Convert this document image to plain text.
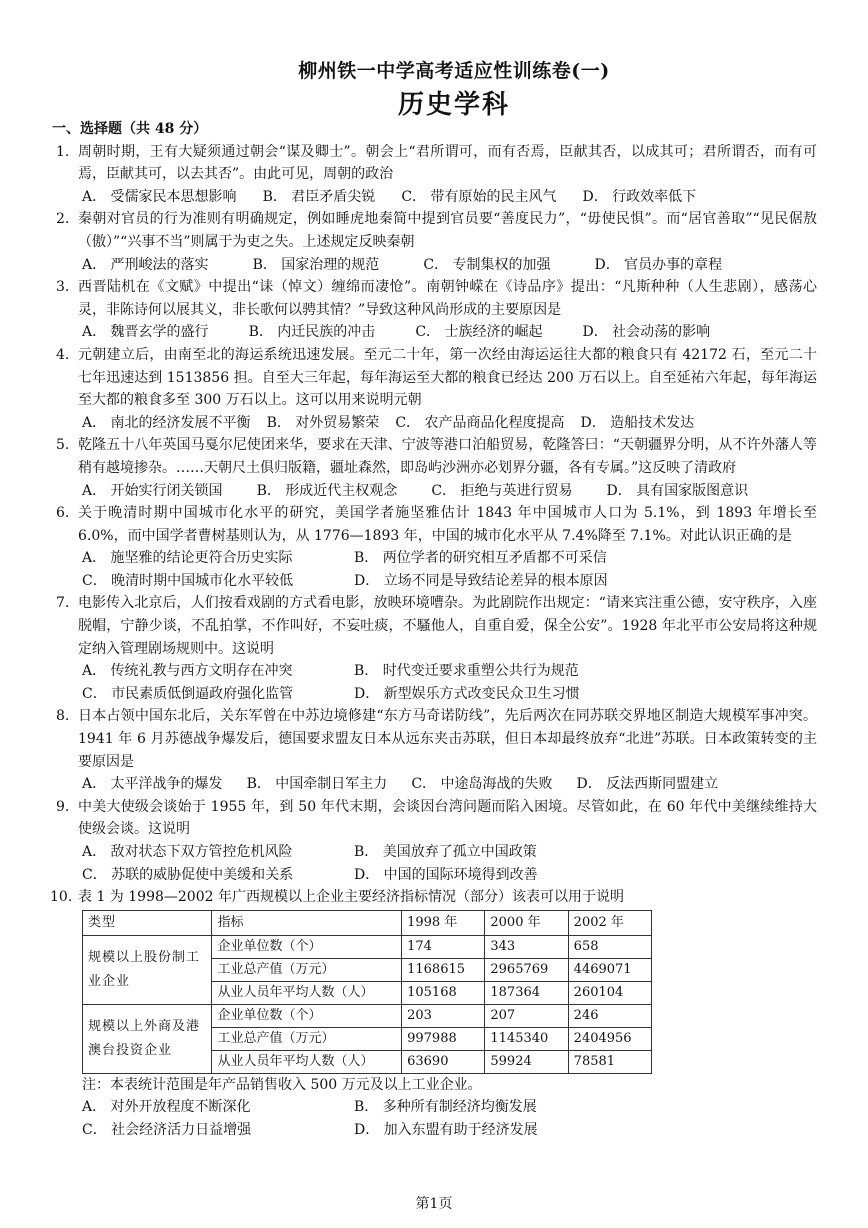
柳州铁一中学高考适应性训练卷(一)
历史学科
一、选择题（共 48 分）
1. 周朝时期，王有大疑须通过朝会“谋及卿士”。朝会上“君所谓可，而有否焉，臣献其否，以成其可；君所谓否，而有可焉，臣献其可，以去其否”。由此可见，周朝的政治
A． 受儒家民本思想影响 B． 君臣矛盾尖锐 C． 带有原始的民主风气 D． 行政效率低下
2. 秦朝对官员的行为准则有明确规定，例如睡虎地秦简中提到官员要“善度民力”，“毋使民惧”。而“居官善取”“见民倨敖（傲）”“兴事不当”则属于为吏之失。上述规定反映秦朝
A． 严刑峻法的落实	B． 国家治理的规范	C． 专制集权的加强	D． 官员办事的章程
3. 西晋陆机在《文赋》中提出“诔（悼文）缠绵而凄怆”。南朝钟嵘在《诗品序》提出：“凡斯种种（人生悲剧），感荡心灵，非陈诗何以展其义，非长歌何以骋其情？”导致这种风尚形成的主要原因是
A． 魏晋玄学的盛行	B． 内迁民族的冲击	C． 士族经济的崛起	D． 社会动荡的影响
4. 元朝建立后，由南至北的海运系统迅速发展。至元二十年，第一次经由海运运往大都的粮食只有 42172 石，至元二十七年迅速达到 1513856 担。自至大三年起，每年海运至大都的粮食已经达 200 万石以上。自至延祐六年起，每年海运至大都的粮食多至 300 万石以上。这可以用来说明元朝
A． 南北的经济发展不平衡 B． 对外贸易繁荣 C． 农产品商品化程度提高 D． 造船技术发达
5. 乾隆五十八年英国马戛尔尼使团来华，要求在天津、宁波等港口泊船贸易，乾隆答曰：“天朝疆界分明，从不许外藩人等稍有越境掺杂。……天朝尺土俱归版籍，疆址森然，即岛屿沙洲亦必划界分疆，各有专属。”这反映了清政府
A． 开始实行闭关锁国 B． 形成近代主权观念 C． 拒绝与英进行贸易 D． 具有国家版图意识
6. 关于晚清时期中国城市化水平的研究，美国学者施坚雅估计 1843 年中国城市人口为 5.1%，到 1893 年增长至 6.0%，而中国学者曹树基则认为，从 1776—1893 年，中国的城市化水平从 7.4%降至 7.1%。对此认识正确的是
A． 施坚雅的结论更符合历史实际	B． 两位学者的研究相互矛盾都不可采信
C． 晚清时期中国城市化水平较低	D． 立场不同是导致结论差异的根本原因
7. 电影传入北京后，人们按看戏剧的方式看电影，放映环境嘈杂。为此剧院作出规定：“请来宾注重公德，安守秩序，入座脱帽，宁静少谈，不乱拍掌，不作叫好，不妄吐痰，不騷他人，自重自爱，保全公安”。1928 年北平市公安局将这种规定纳入管理剧场规则中。这说明
A． 传统礼教与西方文明存在冲突	B． 时代变迁要求重塑公共行为规范
C． 市民素质低倒逼政府强化监管	D． 新型娱乐方式改变民众卫生习惯
8. 日本占领中国东北后，关东军曾在中苏边境修建“东方马奇诺防线”，先后两次在同苏联交界地区制造大规模军事冲突。1941 年 6 月苏德战争爆发后，德国要求盟友日本从远东夹击苏联，但日本却最终放弃“北进”苏联。日本政策转变的主要原因是
A． 太平洋战争的爆发 B． 中国牵制日军主力 C． 中途岛海战的失败 D． 反法西斯同盟建立
9. 中美大使级会谈始于 1955 年，到 50 年代末期，会谈因台湾问题而陷入困境。尽管如此，在 60 年代中美继续维持大使级会谈。这说明
A． 敌对状态下双方管控危机风险	B． 美国放弃了孤立中国政策
C． 苏联的威胁促使中美缓和关系	D． 中国的国际环境得到改善
10. 表 1 为 1998—2002 年广西规模以上企业主要经济指标情况（部分）该表可以用于说明
类型	指标	1998 年	2000 年	2002 年
规模以上股份制工业企业	企业单位数（个）	174	343	658
	工业总产值（万元）	1168615	2965769	4469071
	从业人员年平均人数（人）	105168	187364	260104
规模以上外商及港澳台投资企业	企业单位数（个）	203	207	246
	工业总产值（万元）	997988	1145340	2404956
	从业人员年平均人数（人）	63690	59924	78581
注：本表统计范围是年产品销售收入 500 万元及以上工业企业。
A． 对外开放程度不断深化	B． 多种所有制经济均衡发展
C． 社会经济活力日益增强	D． 加入东盟有助于经济发展
第1页
